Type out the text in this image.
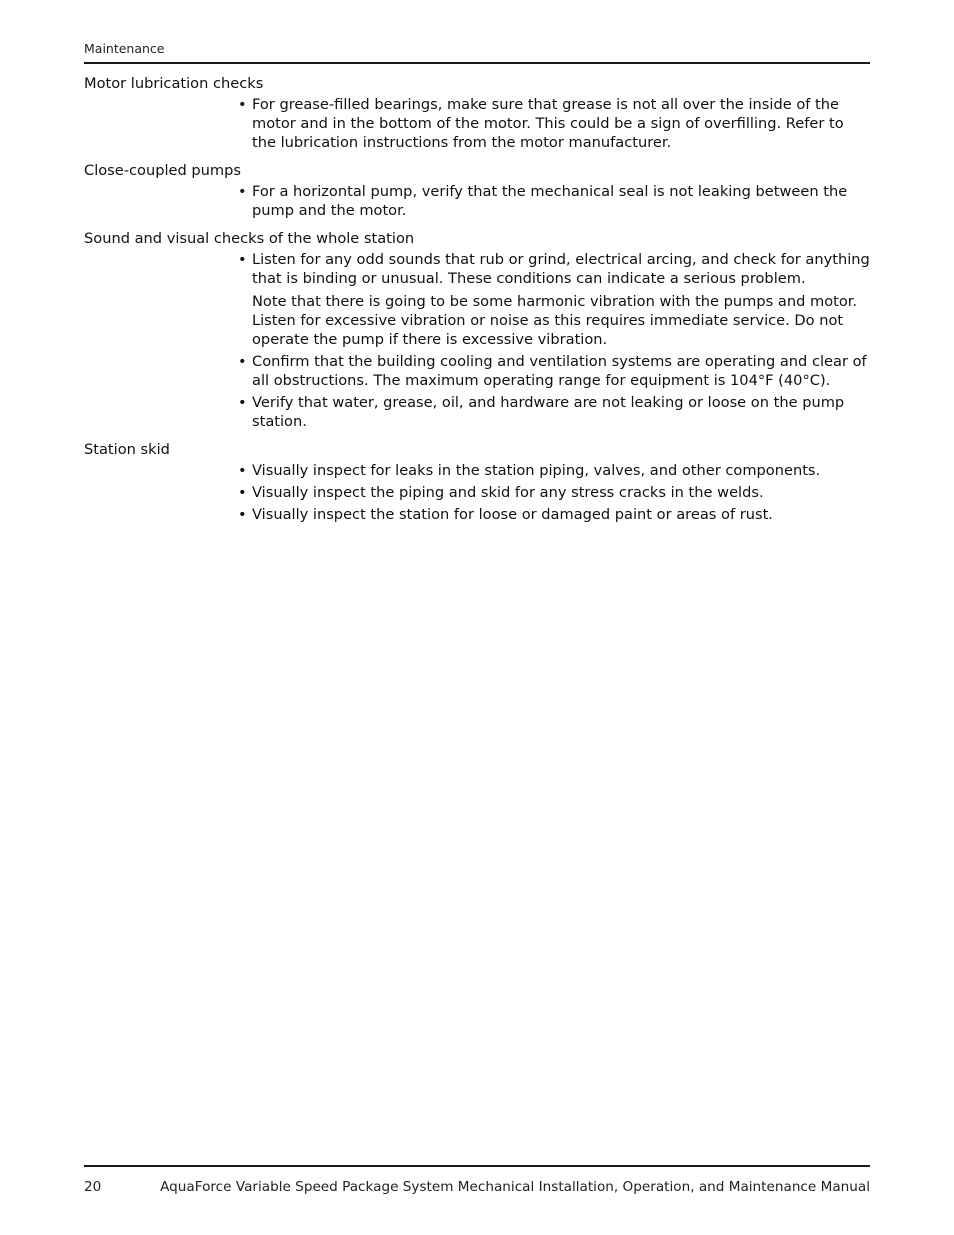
Maintenance
Motor lubrication checks
• For grease-filled bearings, make sure that grease is not all over the inside of the motor and in the bottom of the motor. This could be a sign of overfilling. Refer to the lubrication instructions from the motor manufacturer.
Close-coupled pumps
• For a horizontal pump, verify that the mechanical seal is not leaking between the pump and the motor.
Sound and visual checks of the whole station
• Listen for any odd sounds that rub or grind, electrical arcing, and check for anything that is binding or unusual. These conditions can indicate a serious problem.
Note that there is going to be some harmonic vibration with the pumps and motor. Listen for excessive vibration or noise as this requires immediate service. Do not operate the pump if there is excessive vibration.
• Confirm that the building cooling and ventilation systems are operating and clear of all obstructions. The maximum operating range for equipment is 104°F (40°C).
• Verify that water, grease, oil, and hardware are not leaking or loose on the pump station.
Station skid
• Visually inspect for leaks in the station piping, valves, and other components.
• Visually inspect the piping and skid for any stress cracks in the welds.
• Visually inspect the station for loose or damaged paint or areas of rust.
20	AquaForce Variable Speed Package System Mechanical Installation, Operation, and Maintenance Manual
